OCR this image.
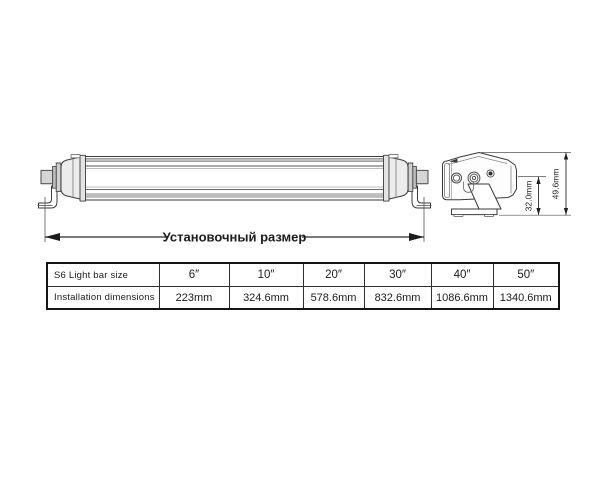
Установочный размер
32.0mm 49.6mm
S6 Light bar size	6″	10″	20″	30″	40″	50″
Installation dimensions	223mm	324.6mm	578.6mm	832.6mm	1086.6mm	1340.6mm
